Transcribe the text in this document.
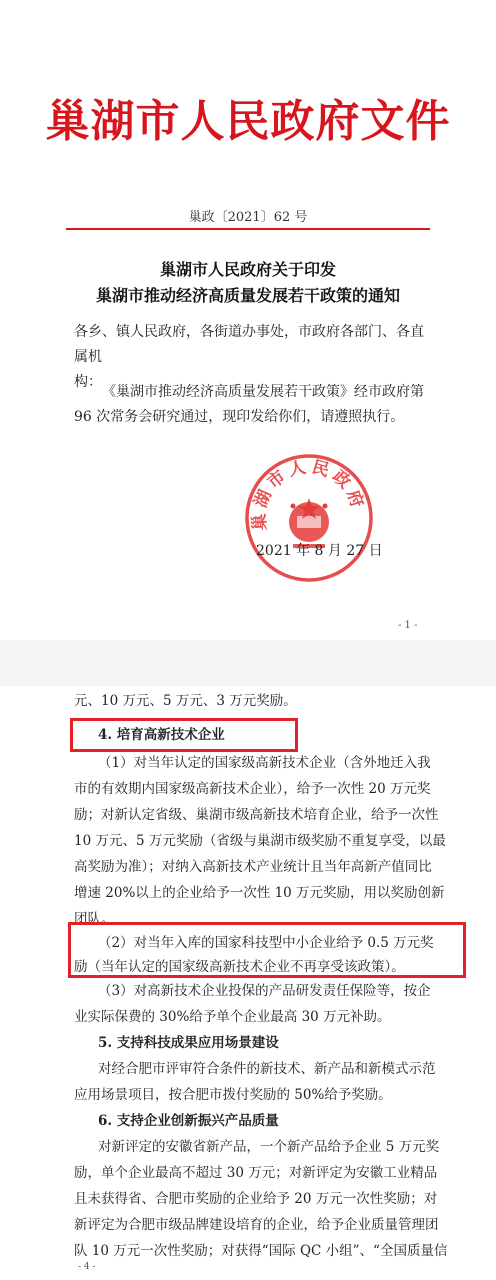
巢湖市人民政府文件
巢政〔2021〕62 号
巢湖市人民政府关于印发
巢湖市推动经济高质量发展若干政策的通知
各乡、镇人民政府，各街道办事处，市政府各部门、各直属机
构：
《巢湖市推动经济高质量发展若干政策》经市政府第 96 次常务会研究通过，现印发给你们，请遵照执行。
巢湖市人民政府
2021 年 8 月 27 日
- 1 -
元、10 万元、5 万元、3 万元奖励。
4. 培育高新技术企业
（1）对当年认定的国家级高新技术企业（含外地迁入我
市的有效期内国家级高新技术企业），给予一次性 20 万元奖
励；对新认定省级、巢湖市级高新技术培育企业，给予一次性
10 万元、5 万元奖励（省级与巢湖市级奖励不重复享受，以最
高奖励为准）；对纳入高新技术产业统计且当年高新产值同比
增速 20%以上的企业给予一次性 10 万元奖励，用以奖励创新
团队。
（2）对当年入库的国家科技型中小企业给予 0.5 万元奖
励（当年认定的国家级高新技术企业不再享受该政策）。
（3）对高新技术企业投保的产品研发责任保险等，按企
业实际保费的 30%给予单个企业最高 30 万元补助。
5. 支持科技成果应用场景建设
对经合肥市评审符合条件的新技术、新产品和新模式示范
应用场景项目，按合肥市拨付奖励的 50%给予奖励。
6. 支持企业创新振兴产品质量
对新评定的安徽省新产品，一个新产品给予企业 5 万元奖
励，单个企业最高不超过 30 万元；对新评定为安徽工业精品
且未获得省、合肥市奖励的企业给予 20 万元一次性奖励；对
新评定为合肥市级品牌建设培育的企业，给予企业质量管理团
队 10 万元一次性奖励；对获得“国际 QC 小组”、“全国质量信
- 4 -
